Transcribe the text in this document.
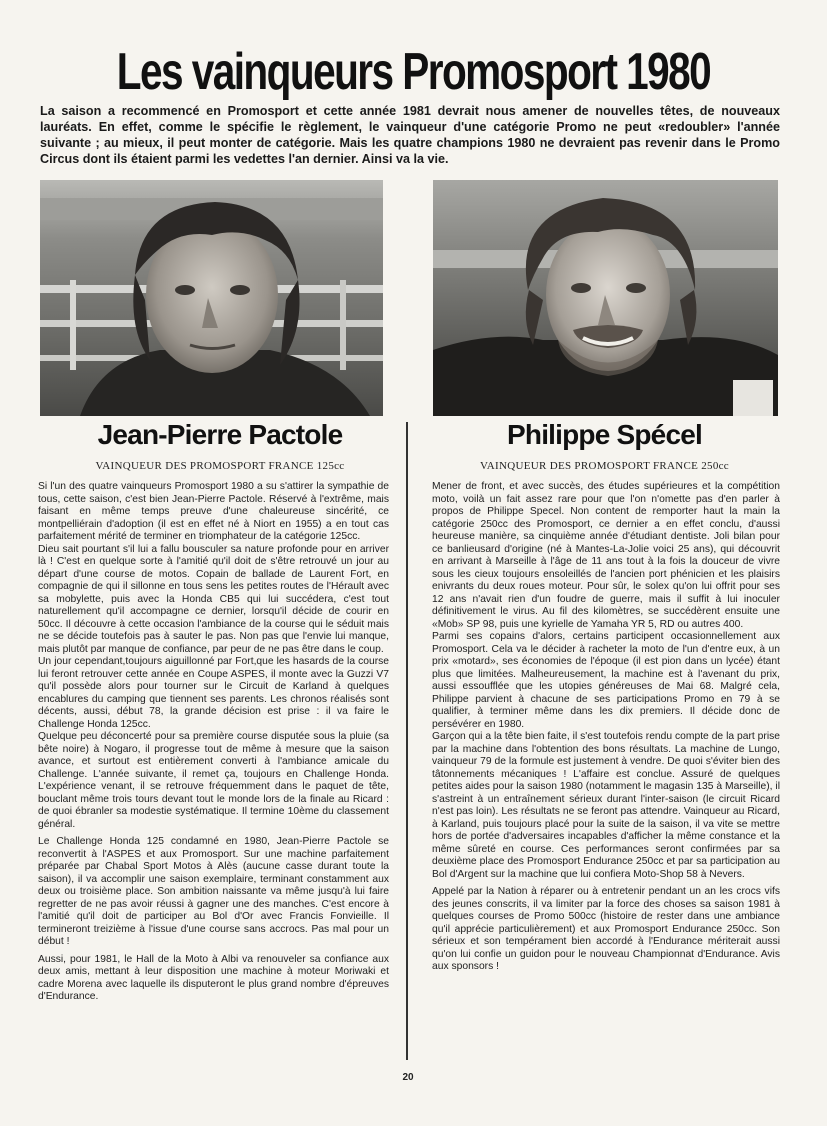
Les vainqueurs Promosport 1980

La saison a recommencé en Promosport et cette année 1981 devrait nous amener de nouvelles têtes, de nouveaux lauréats. En effet, comme le spécifie le règlement, le vainqueur d'une catégorie Promo ne peut «redoubler» l'année suivante ; au mieux, il peut monter de catégorie. Mais les quatre champions 1980 ne devraient pas revenir dans le Promo Circus dont ils étaient parmi les vedettes l'an dernier. Ainsi va la vie.

Jean-Pierre Pactole	Philippe Spécel
VAINQUEUR DES PROMOSPORT FRANCE 125cc	VAINQUEUR DES PROMOSPORT FRANCE 250cc

Si l'un des quatre vainqueurs Promosport 1980 a su s'attirer la sympathie de tous, cette saison, c'est bien Jean-Pierre Pactole. Réservé à l'extrême, mais faisant en même temps preuve d'une chaleureuse sincérité, ce montpelliérain d'adoption (il est en effet né à Niort en 1955) a en tout cas parfaitement mérité de terminer en triomphateur de la catégorie 125cc.

Dieu sait pourtant s'il lui a fallu bousculer sa nature profonde pour en arriver là ! C'est en quelque sorte à l'amitié qu'il doit de s'être retrouvé un jour au départ d'une course de motos. Copain de ballade de Laurent Fort, en compagnie de qui il sillonne en tous sens les petites routes de l'Hérault avec sa mobylette, puis avec la Honda CB5 qui lui succédera, c'est tout naturellement qu'il accompagne ce dernier, lorsqu'il décide de courir en 50cc. Il découvre à cette occasion l'ambiance de la course qui le séduit mais ne se décide toutefois pas à sauter le pas. Non pas que l'envie lui manque, mais plutôt par manque de confiance, par peur de ne pas être dans le coup.

Un jour cependant,toujours aiguillonné par Fort,que les hasards de la course lui feront retrouver cette année en Coupe ASPES, il monte avec la Guzzi V7 qu'il possède alors pour tourner sur le Circuit de Karland à quelques encablures du camping que tiennent ses parents. Les chronos réalisés sont décents, aussi, début 78, la grande décision est prise : il va faire le Challenge Honda 125cc.

Quelque peu déconcerté pour sa première course disputée sous la pluie (sa bête noire) à Nogaro, il progresse tout de même à mesure que la saison avance, et surtout est entièrement converti à l'ambiance amicale du Challenge. L'année suivante, il remet ça, toujours en Challenge Honda. L'expérience venant, il se retrouve fréquemment dans le paquet de tête, bouclant même trois tours devant tout le monde lors de la finale au Ricard : de quoi ébranler sa modestie systématique. Il termine 10ème du classement général.

Le Challenge Honda 125 condamné en 1980, Jean-Pierre Pactole se reconvertit à l'ASPES et aux Promosport. Sur une machine parfaitement préparée par Chabal Sport Motos à Alès (aucune casse durant toute la saison), il va accomplir une saison exemplaire, terminant constamment aux deux ou troisième place. Son ambition naissante va même jusqu'à lui faire regretter de ne pas avoir réussi à gagner une des manches. C'est encore à l'amitié qu'il doit de participer au Bol d'Or avec Francis Fonvieille. Il termineront treizième à l'issue d'une course sans accrocs. Pas mal pour un début !

Aussi, pour 1981, le Hall de la Moto à Albi va renouveler sa confiance aux deux amis, mettant à leur disposition une machine à moteur Moriwaki et cadre Morena avec laquelle ils disputeront le plus grand nombre d'épreuves d'Endurance.

Mener de front, et avec succès, des études supérieures et la compétition moto, voilà un fait assez rare pour que l'on n'omette pas d'en parler à propos de Philippe Specel. Non content de remporter haut la main la catégorie 250cc des Promosport, ce dernier a en effet conclu, d'aussi heureuse manière, sa cinquième année d'étudiant dentiste. Joli bilan pour ce banlieusard d'origine (né à Mantes-La-Jolie voici 25 ans), qui découvrit en arrivant à Marseille à l'âge de 11 ans tout à la fois la douceur de vivre sous les cieux toujours ensoleillés de l'ancien port phénicien et les plaisirs enivrants du deux roues moteur. Pour sûr, le solex qu'on lui offrit pour ses 12 ans n'avait rien d'un foudre de guerre, mais il suffit à lui inoculer définitivement le virus. Au fil des kilomètres, se succédèrent ensuite une «Mob» SP 98, puis une kyrielle de Yamaha YR 5, RD ou autres 400.

Parmi ses copains d'alors, certains participent occasionnellement aux Promosport. Cela va le décider à racheter la moto de l'un d'entre eux, à un prix «motard», ses économies de l'époque (il est pion dans un lycée) étant plus que limitées. Malheureusement, la machine est à l'avenant du prix, aussi essoufflée que les utopies généreuses de Mai 68. Malgré cela, Philippe parvient à chacune de ses participations Promo en 79 à se qualifier, à terminer même dans les dix premiers. Il décide donc de persévérer en 1980.

Garçon qui a la tête bien faite, il s'est toutefois rendu compte de la part prise par la machine dans l'obtention des bons résultats. La machine de Lungo, vainqueur 79 de la formule est justement à vendre. De quoi s'éviter bien des tâtonnements mécaniques ! L'affaire est conclue. Assuré de quelques petites aides pour la saison 1980 (notamment le magasin 135 à Marseille), il s'astreint à un entraînement sérieux durant l'inter-saison (le circuit Ricard n'est pas loin). Les résultats ne se feront pas attendre. Vainqueur au Ricard, à Karland, puis toujours placé pour la suite de la saison, il va vite se mettre hors de portée d'adversaires incapables d'afficher la même constance et la même sûreté en course. Ces performances seront confirmées par sa deuxième place des Promosport Endurance 250cc et par sa participation au Bol d'Argent sur la machine que lui confiera Moto-Shop 58 à Nevers.

Appelé par la Nation à réparer ou à entretenir pendant un an les crocs vifs des jeunes conscrits, il va limiter par la force des choses sa saison 1981 à quelques courses de Promo 500cc (histoire de rester dans une ambiance qu'il apprécie particulièrement) et aux Promosport Endurance 250cc. Son sérieux et son tempérament bien accordé à l'Endurance mériterait aussi qu'on lui confie un guidon pour le nouveau Championnat d'Endurance. Avis aux sponsors !

20
